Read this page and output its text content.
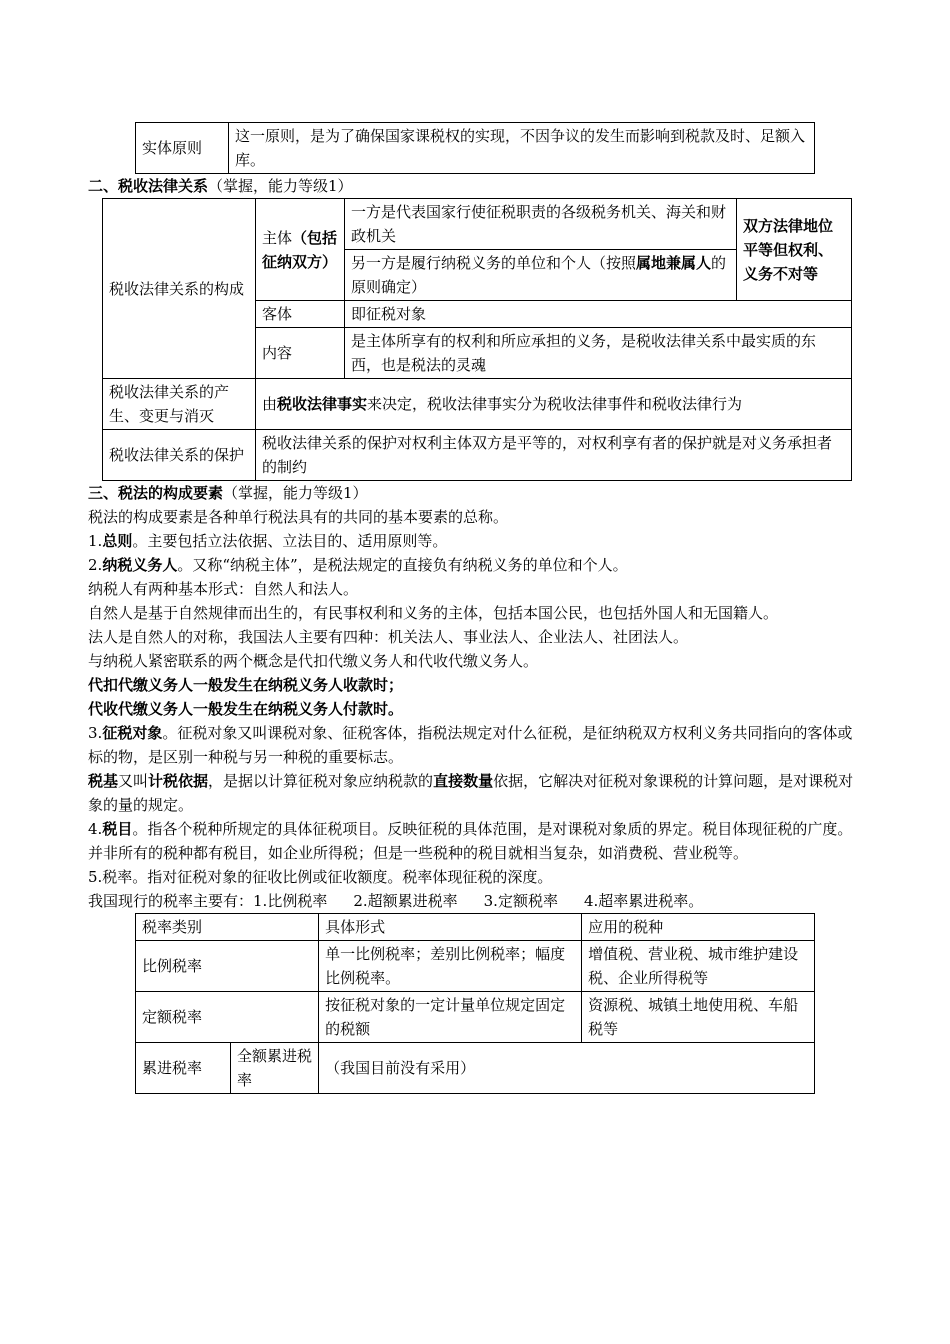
实体原则	这一原则，是为了确保国家课税权的实现，不因争议的发生而影响到税款及时、足额入库。

二、税收法律关系（掌握，能力等级1）

税收法律关系的构成	主体（包括征纳双方）	一方是代表国家行使征税职责的各级税务机关、海关和财政机关	双方法律地位平等但权利、义务不对等
		另一方是履行纳税义务的单位和个人（按照属地兼属人的原则确定）	
	客体	即征税对象	
	内容	是主体所享有的权利和所应承担的义务，是税收法律关系中最实质的东西，也是税法的灵魂	
税收法律关系的产生、变更与消灭	由税收法律事实来决定，税收法律事实分为税收法律事件和税收法律行为		
税收法律关系的保护	税收法律关系的保护对权利主体双方是平等的，对权利享有者的保护就是对义务承担者的制约		

三、税法的构成要素（掌握，能力等级1）

税法的构成要素是各种单行税法具有的共同的基本要素的总称。

1.总则。主要包括立法依据、立法目的、适用原则等。

2.纳税义务人。又称“纳税主体”，是税法规定的直接负有纳税义务的单位和个人。

纳税人有两种基本形式：自然人和法人。

自然人是基于自然规律而出生的，有民事权利和义务的主体，包括本国公民，也包括外国人和无国籍人。

法人是自然人的对称，我国法人主要有四种：机关法人、事业法人、企业法人、社团法人。

与纳税人紧密联系的两个概念是代扣代缴义务人和代收代缴义务人。

代扣代缴义务人一般发生在纳税义务人收款时；

代收代缴义务人一般发生在纳税义务人付款时。

3.征税对象。征税对象又叫课税对象、征税客体，指税法规定对什么征税，是征纳税双方权利义务共同指向的客体或标的物，是区别一种税与另一种税的重要标志。

税基又叫计税依据，是据以计算征税对象应纳税款的直接数量依据，它解决对征税对象课税的计算问题，是对课税对象的量的规定。

4.税目。指各个税种所规定的具体征税项目。反映征税的具体范围，是对课税对象质的界定。税目体现征税的广度。并非所有的税种都有税目，如企业所得税；但是一些税种的税目就相当复杂，如消费税、营业税等。

5.税率。指对征税对象的征收比例或征收额度。税率体现征税的深度。

我国现行的税率主要有：1.比例税率 2.超额累进税率 3.定额税率 4.超率累进税率。

税率类别		具体形式	应用的税种
比例税率		单一比例税率；差别比例税率；幅度比例税率。	增值税、营业税、城市维护建设税、企业所得税等
定额税率		按征税对象的一定计量单位规定固定的税额	资源税、城镇土地使用税、车船税等
累进税率	全额累进税率	（我国目前没有采用）	
